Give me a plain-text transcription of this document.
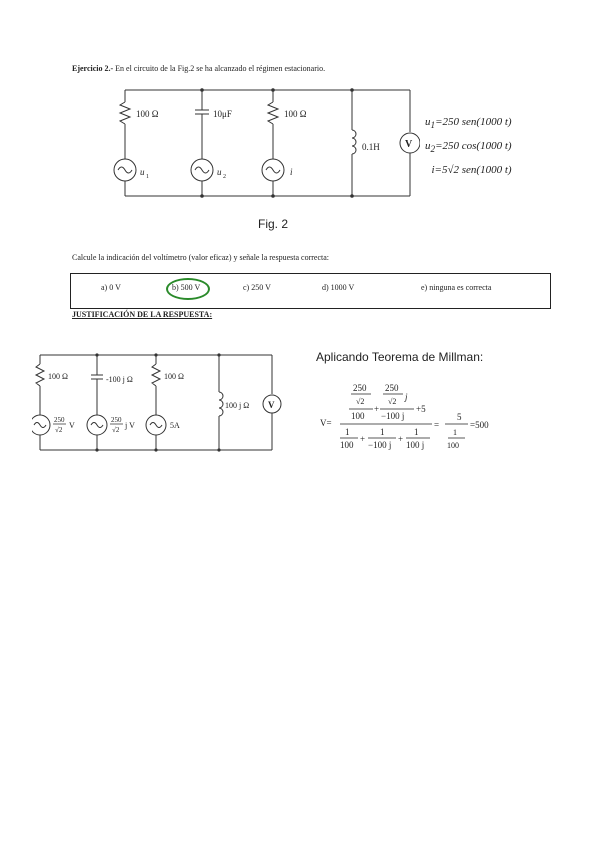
Ejercicio 2.- En el circuito de la Fig.2 se ha alcanzado el régimen estacionario.
100 Ω	10μF	100 Ω
0.1H	V
u 1	u 2	i
$u_1=250$ sen(1000 t)
$u_2=250$ cos(1000 t)
i=5√2 sen(1000 t)
Fig. 2
Calcule la indicación del voltímetro (valor eficaz) y señale la respuesta correcta:
a) 0 V	b) 500 V	c) 250 V	d) 1000 V	e) ninguna es correcta
JUSTIFICACIÓN DE LA RESPUESTA:
100 Ω	-100 j Ω	100 Ω
100 j Ω V
250
√2 V
250
√2 j V	5A
Aplicando Teorema de Millman:
V=
250
√2
100
+
250
√2 j
−100 j
+5
1
100
+
1
−100 j
+
1
100 j
=
5
1
100
=500
